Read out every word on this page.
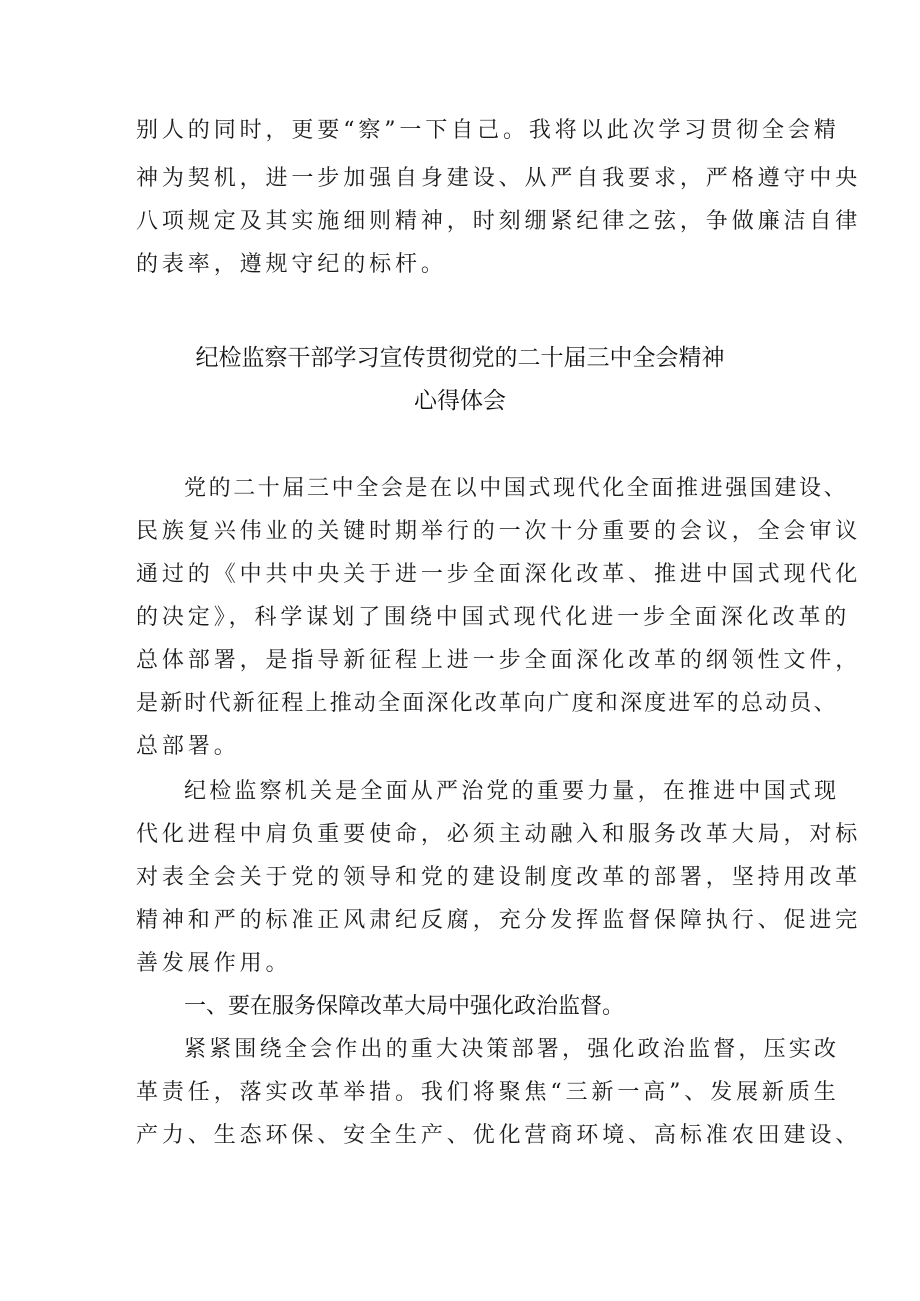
别人的同时，更要“察”一下自己。我将以此次学习贯彻全会精
神为契机，进一步加强自身建设、从严自我要求，严格遵守中央
八项规定及其实施细则精神，时刻绷紧纪律之弦，争做廉洁自律
的表率，遵规守纪的标杆。
纪检监察干部学习宣传贯彻党的二十届三中全会精神
心得体会
党的二十届三中全会是在以中国式现代化全面推进强国建设、
民族复兴伟业的关键时期举行的一次十分重要的会议，全会审议
通过的《中共中央关于进一步全面深化改革、推进中国式现代化
的决定》，科学谋划了围绕中国式现代化进一步全面深化改革的
总体部署，是指导新征程上进一步全面深化改革的纲领性文件，
是新时代新征程上推动全面深化改革向广度和深度进军的总动员、
总部署。
纪检监察机关是全面从严治党的重要力量，在推进中国式现
代化进程中肩负重要使命，必须主动融入和服务改革大局，对标
对表全会关于党的领导和党的建设制度改革的部署，坚持用改革
精神和严的标准正风肃纪反腐，充分发挥监督保障执行、促进完
善发展作用。
一、要在服务保障改革大局中强化政治监督。
紧紧围绕全会作出的重大决策部署，强化政治监督，压实改
革责任，落实改革举措。我们将聚焦“三新一高”、发展新质生
产力、生态环保、安全生产、优化营商环境、高标准农田建设、
